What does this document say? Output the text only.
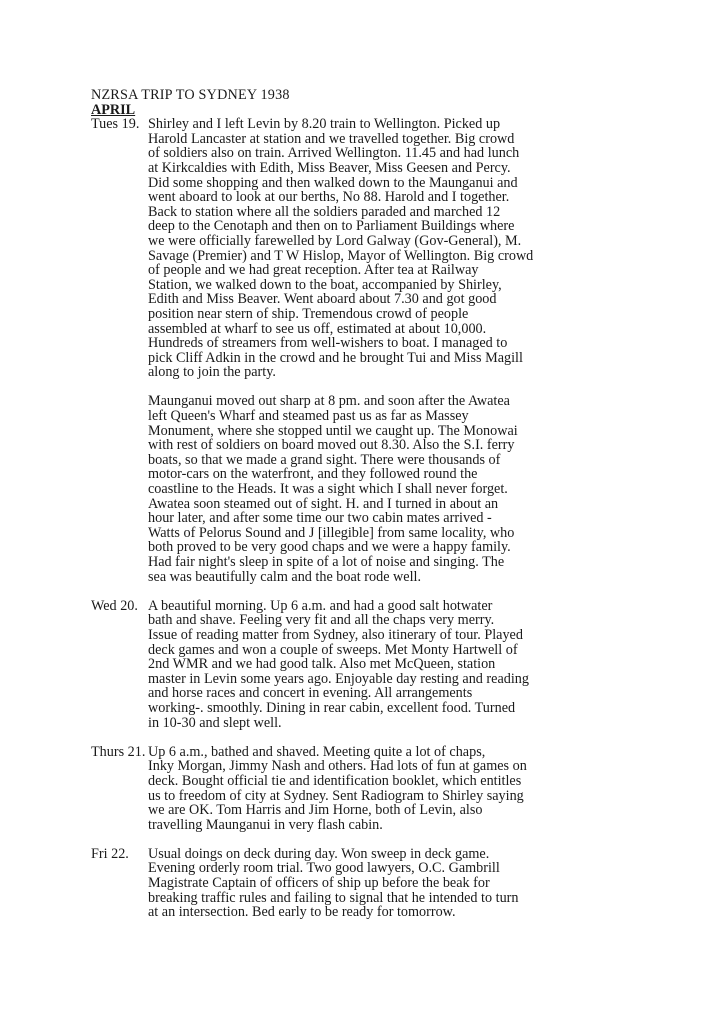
NZRSA TRIP TO SYDNEY 1938
APRIL
Tues 19. Shirley and I left Levin by 8.20 train to Wellington. Picked up
Harold Lancaster at station and we travelled together. Big crowd
of soldiers also on train. Arrived Wellington. 11.45 and had lunch
at Kirkcaldies with Edith, Miss Beaver, Miss Geesen and Percy.
Did some shopping and then walked down to the Maunganui and
went aboard to look at our berths, No 88. Harold and I together.
Back to station where all the soldiers paraded and marched 12
deep to the Cenotaph and then on to Parliament Buildings where
we were officially farewelled by Lord Galway (Gov-General), M.
Savage (Premier) and T W Hislop, Mayor of Wellington. Big crowd
of people and we had great reception. After tea at Railway
Station, we walked down to the boat, accompanied by Shirley,
Edith and Miss Beaver. Went aboard about 7.30 and got good
position near stern of ship. Tremendous crowd of people
assembled at wharf to see us off, estimated at about 10,000.
Hundreds of streamers from well-wishers to boat. I managed to
pick Cliff Adkin in the crowd and he brought Tui and Miss Magill
along to join the party.
Maunganui moved out sharp at 8 pm. and soon after the Awatea
left Queen's Wharf and steamed past us as far as Massey
Monument, where she stopped until we caught up. The Monowai
with rest of soldiers on board moved out 8.30. Also the S.I. ferry
boats, so that we made a grand sight. There were thousands of
motor-cars on the waterfront, and they followed round the
coastline to the Heads. It was a sight which I shall never forget.
Awatea soon steamed out of sight. H. and I turned in about an
hour later, and after some time our two cabin mates arrived -
Watts of Pelorus Sound and J [illegible] from same locality, who
both proved to be very good chaps and we were a happy family.
Had fair night's sleep in spite of a lot of noise and singing. The
sea was beautifully calm and the boat rode well.
Wed 20. A beautiful morning. Up 6 a.m. and had a good salt hotwater
bath and shave. Feeling very fit and all the chaps very merry.
Issue of reading matter from Sydney, also itinerary of tour. Played
deck games and won a couple of sweeps. Met Monty Hartwell of
2nd WMR and we had good talk. Also met McQueen, station
master in Levin some years ago. Enjoyable day resting and reading
and horse races and concert in evening. All arrangements
working-. smoothly. Dining in rear cabin, excellent food. Turned
in 10-30 and slept well.
Thurs 21. Up 6 a.m., bathed and shaved. Meeting quite a lot of chaps,
Inky Morgan, Jimmy Nash and others. Had lots of fun at games on
deck. Bought official tie and identification booklet, which entitles
us to freedom of city at Sydney. Sent Radiogram to Shirley saying
we are OK. Tom Harris and Jim Horne, both of Levin, also
travelling Maunganui in very flash cabin.
Fri 22.	Usual doings on deck during day. Won sweep in deck game.
Evening orderly room trial. Two good lawyers, O.C. Gambrill
Magistrate Captain of officers of ship up before the beak for
breaking traffic rules and failing to signal that he intended to turn
at an intersection. Bed early to be ready for tomorrow.
